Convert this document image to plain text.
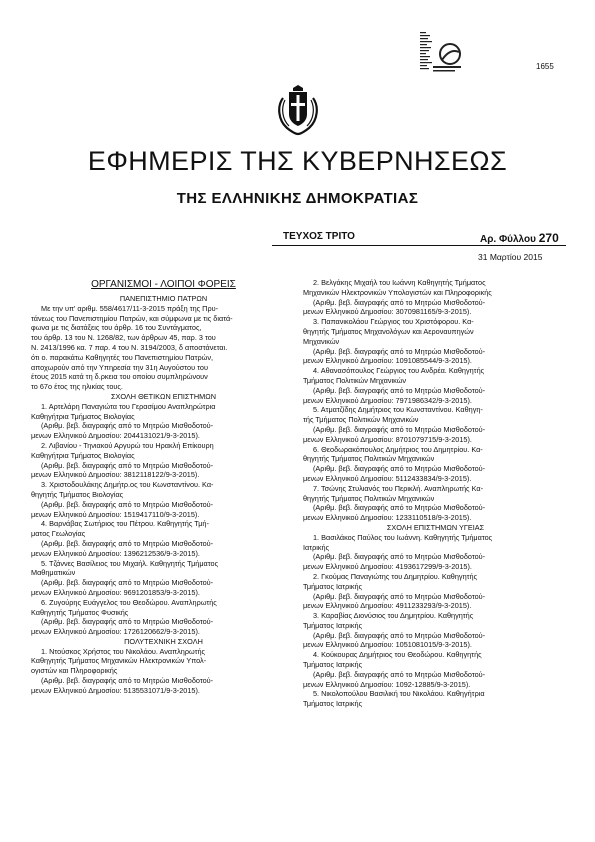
1655
ΕΦΗΜΕΡΙΣ ΤΗΣ ΚΥΒΕΡΝΗΣΕΩΣ
ΤΗΣ ΕΛΛΗΝΙΚΗΣ ΔΗΜΟΚΡΑΤΙΑΣ
ΤΕΥΧΟΣ ΤΡΙΤΟ	Αρ. Φύλλου 270
31 Μαρτίου 2015

ΟΡΓΑΝΙΣΜΟΙ - ΛΟΙΠΟΙ ΦΟΡΕΙΣ

ΠΑΝΕΠΙΣΤΗΜΙΟ ΠΑΤΡΩΝ

Με την υπ' αριθμ. 558/4617/11-3-2015 πράξη της Πρυ-

τάνεως του Πανεπιστημίου Πατρών, και σύμφωνα με τις διατά-

φωνα με τις διατάξεις του άρθρ. 16 του Συντάγματος,

του άρθρ. 13 του Ν. 1268/82, των άρθρων 45, παρ. 3 του

Ν. 2413/1996 κα. 7 παρ. 4 του Ν. 3194/2003, δ αποστάνεται.

ότι ο. παρακάτω Καθηγητές του Πανεπιστημίου Πατρών,

αποχωρούν από την Υπηρεσία την 31η Αυγούστου του

έτους 2015 κατά τη δ.ρκεια του οποίου συμπληρώνουν

το 67ο έτος της ηλικίας τους.

ΣΧΟΛΗ ΘΕΤΙΚΩΝ ΕΠΙΣΤΗΜΩΝ

1. Αρτελάρη Παναγιώτα του Γερασίμου Αναπληρώτρια

Καθηγήτρια Τμήματος Βιολογίας

(Αριθμ. βεβ. διαγραφής από το Μητρώο Μισθοδοτού-

μενων Ελληνικού Δημοσίου: 2044131021/9-3-2015).

2. Λιβανίου - Τηνιακού Αργυρώ του Ηρακλή Επίκουρη

Καθηγήτρια Τμήματος Βιολογίας

(Αριθμ. βεβ. διαγραφής από το Μητρώο Μισθοδοτού-

μενων Ελληνικού Δημοσίου: 3812118122/9-3-2015).

3. Χριστοδουλάκης Δημήτρ.ος του Κωνσταντίνου. Κα-

θηγητής Τμήματος Βιολογίας

(Αριθμ. βεβ. διαγραφής από το Μητρώο Μισθοδοτού-

μενων Ελληνικού Δημοσίου: 1519417110/9-3-2015).

4. Βαρνάβας Σωτήριος του Πέτρου. Καθηγητής Τμή-

ματος Γεωλογίας

(Αριθμ. βεβ. διαγραφής από το Μητρώο Μισθοδοτού-

μενων Ελληνικού Δημοσίου: 1396212536/9-3-2015).

5. Τζάννες Βασίλειος του Μιχαήλ. Καθηγητής Τμήματος

Μαθηματικών

(Αριθμ. βεβ. διαγραφής από το Μητρώο Μισθοδοτού-

μενων Ελληνικού Δημοσίου: 9691201853/9-3-2015).

6. Ζυγούρης Ευάγγελος του Θεοδώρου. Αναπληρωτής

Καθηγητής Τμήματος Φυσικής

(Αριθμ. βεβ. διαγραφής από το Μητρώο Μισθοδοτού-

μενων Ελληνικού Δημοσίου: 1726120662/9-3-2015).

ΠΟΛΥΤΕΧΝΙΚΗ ΣΧΟΛΗ

1. Ντούσκος Χρήστος του Νικολάου. Αναπληρωτής

Καθηγητής Τμήματος Μηχανικών Ηλεκτρονικών Υπολ-

ογιστών και Πληροφορικής

(Αριθμ. βεβ. διαγραφής από το Μητρώο Μισθοδοτού-

μενων Ελληνικού Δημοσίου: 5135531071/9-3-2015).

2. Βελγάκης Μιχαήλ του Ιωάννη Καθηγητής Τμήματος

Μηχανικών Ηλεκτρονικών Υπολογιστών και Πληροφορικής

(Αριθμ. βεβ. διαγραφής από το Μητρώο Μισθοδοτού-

μενων Ελληνικού Δημοσίου: 3070981165/9-3-2015).

3. Παπανικολάου Γεώργιος του Χριστόφορου. Κα-

θηγητής Τμήματος Μηχανολόγων και Αεροναυπηγών

Μηχανικών

(Αριθμ. βεβ. διαγραφής από το Μητρώο Μισθοδοτού-

μενων Ελληνικού Δημοσίου: 1091085544/9-3-2015).

4. Αθανασόπουλος Γεώργιος του Ανδρέα. Καθηγητής

Τμήματος Πολιτικών Μηχανικών

(Αριθμ. βεβ. διαγραφής από το Μητρώο Μισθοδοτού-

μενων Ελληνικού Δημοσίου: 7971986342/9-3-2015).

5. Ατματζίδης Δημήτριος του Κωνσταντίνου. Καθηγη-

τής Τμήματος Πολιτικών Μηχανικών

(Αριθμ. βεβ. διαγραφής από το Μητρώο Μισθοδοτού-

μενων Ελληνικού Δημοσίου: 8701079715/9-3-2015).

6. Θεοδωρακόπουλος Δημήτριος του Δημητρίου. Κα-

θηγητής Τμήματος Πολιτικών Μηχανικών

(Αριθμ. βεβ. διαγραφής από το Μητρώο Μισθοδοτού-

μενων Ελληνικού Δημοσίου: 5112433834/9-3-2015).

7. Τσώνης Στυλιανός του Περικλή. Αναπληρωτής Κα-

θηγητής Τμήματος Πολιτικών Μηχανικών

(Αριθμ. βεβ. διαγραφής από το Μητρώο Μισθοδοτού-

μενων Ελληνικού Δημοσίου: 1233110518/9-3-2015).

ΣΧΟΛΗ ΕΠΙΣΤΗΜΩΝ ΥΓΕΙΑΣ

1. Βασιλάκος Παύλος του Ιωάννη. Καθηγητής Τμήματος

Ιατρικής

(Αριθμ. βεβ. διαγραφής από το Μητρώο Μισθοδοτού-

μενων Ελληνικού Δημοσίου: 4193617299/9-3-2015).

2. Γκούμας Παναγιώτης του Δημητρίου. Καθηγητής

Τμήματος Ιατρικής

(Αριθμ. βεβ. διαγραφής από το Μητρώο Μισθοδοτού-

μενων Ελληνικού Δημοσίου: 4911233293/9-3-2015).

3. Καραβίας Διονύσιος του Δημητρίου. Καθηγητής

Τμήματος Ιατρικής

(Αριθμ. βεβ. διαγραφής από το Μητρώο Μισθοδοτού-

μενων Ελληνικού Δημοσίου: 1051081015/9-3-2015).

4. Κούκουρας Δημήτριος του Θεοδώρου. Καθηγητής

Τμήματος Ιατρικής

(Αριθμ. βεβ. διαγραφής από το Μητρώο Μισθοδοτού-

μενων Ελληνικού Δημοσίου: 1092-12885/9-3-2015).

5. Νικολοπούλου Βασιλική του Νικολάου. Καθηγήτρια

Τμήματος Ιατρικής
